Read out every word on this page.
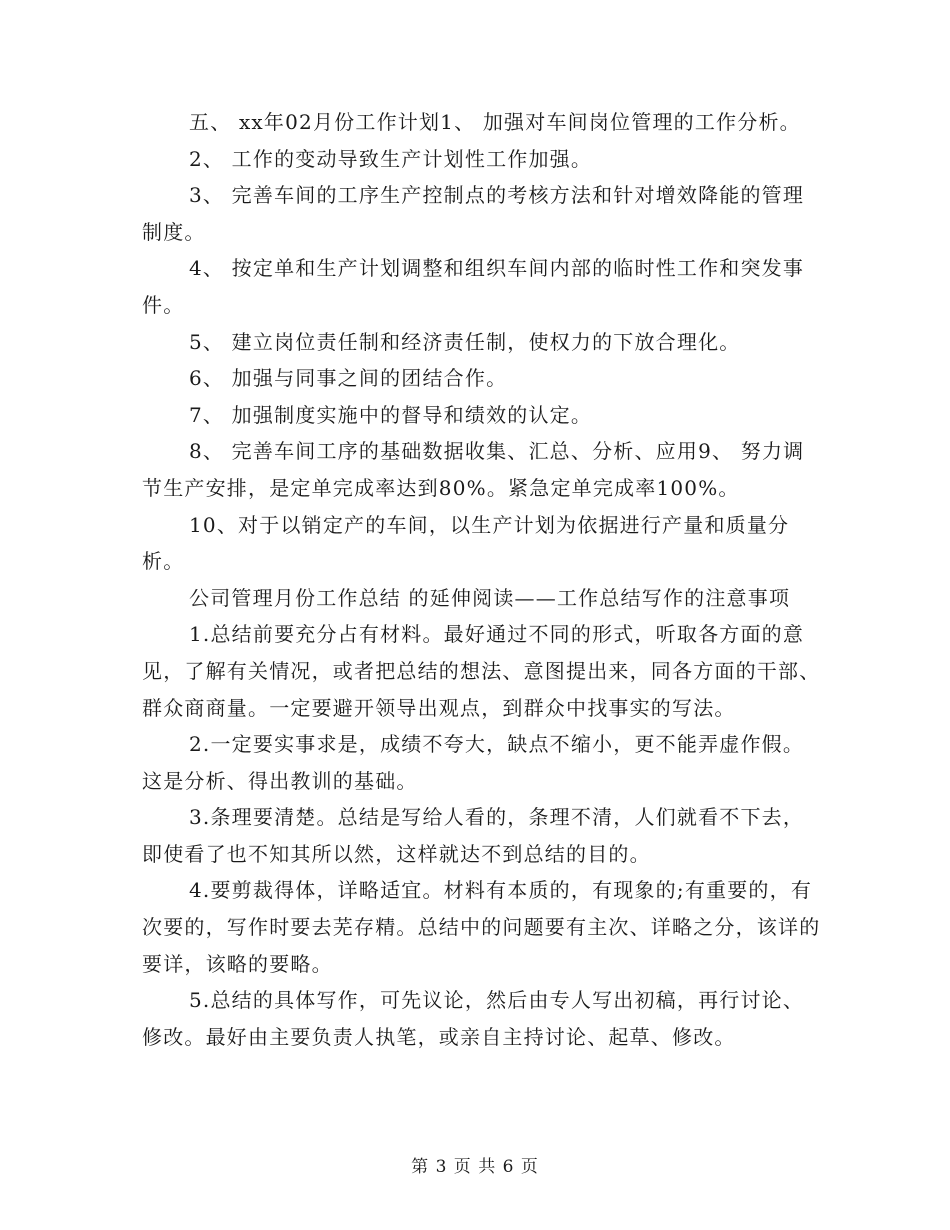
五、 xx年02月份工作计划1、 加强对车间岗位管理的工作分析。

2、 工作的变动导致生产计划性工作加强。

3、 完善车间的工序生产控制点的考核方法和针对增效降能的管理制度。

4、 按定单和生产计划调整和组织车间内部的临时性工作和突发事件。

5、 建立岗位责任制和经济责任制，使权力的下放合理化。

6、 加强与同事之间的团结合作。

7、 加强制度实施中的督导和绩效的认定。

8、 完善车间工序的基础数据收集、汇总、分析、应用9、 努力调节生产安排，是定单完成率达到80%。紧急定单完成率100%。

10、对于以销定产的车间，以生产计划为依据进行产量和质量分析。

公司管理月份工作总结 的延伸阅读——工作总结写作的注意事项

1.总结前要充分占有材料。最好通过不同的形式，听取各方面的意见，了解有关情况，或者把总结的想法、意图提出来，同各方面的干部、群众商商量。一定要避开领导出观点，到群众中找事实的写法。

2.一定要实事求是，成绩不夸大，缺点不缩小，更不能弄虚作假。这是分析、得出教训的基础。

3.条理要清楚。总结是写给人看的，条理不清，人们就看不下去，即使看了也不知其所以然，这样就达不到总结的目的。

4.要剪裁得体，详略适宜。材料有本质的，有现象的;有重要的，有次要的，写作时要去芜存精。总结中的问题要有主次、详略之分，该详的要详，该略的要略。

5.总结的具体写作，可先议论，然后由专人写出初稿，再行讨论、修改。最好由主要负责人执笔，或亲自主持讨论、起草、修改。

第 3 页 共 6 页
